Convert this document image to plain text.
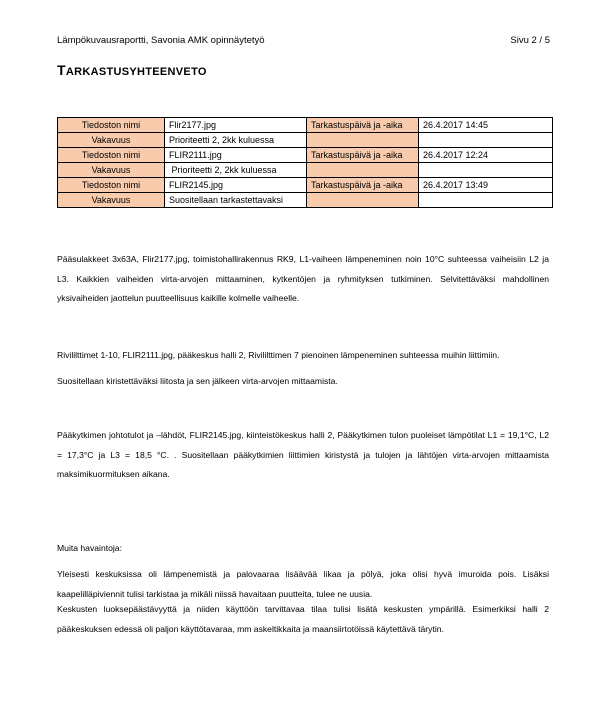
Lämpökuvausraportti, Savonia AMK opinnäytetyö	Sivu 2 / 5
TARKASTUSYHTEENVETO
Tiedoston nimi	Flir2177.jpg	Tarkastuspäivä ja -aika	26.4.2017 14:45
Vakavuus	Prioriteetti 2, 2kk kuluessa		
Tiedoston nimi	FLIR2111.jpg	Tarkastuspäivä ja -aika	26.4.2017 12:24
Vakavuus	Prioriteetti 2, 2kk kuluessa		
Tiedoston nimi	FLIR2145.jpg	Tarkastuspäivä ja -aika	26.4.2017 13:49
Vakavuus	Suositellaan tarkastettavaksi		
Pääsulakkeet 3x63A, Flir2177.jpg, toimistohallirakennus RK9, L1-vaiheen lämpeneminen noin 10°C suhteessa vaiheisiin L2 ja L3. Kaikkien vaiheiden virta-arvojen mittaaminen, kytkentöjen ja ryhmityksen tutkiminen. Selvitettäväksi mahdollinen yksivaiheiden jaottelun puutteellisuus kaikille kolmelle vaiheelle.
Rivililttimet 1-10, FLIR2111.jpg, pääkeskus halli 2, Rivililttimen 7 pienoinen lämpeneminen suhteessa muihin liittimiin.
Suositellaan kiristettäväksi liitosta ja sen jälkeen virta-arvojen mittaamista.
Pääkytkimen johtotulot ja –lähdöt, FLIR2145.jpg, kiinteistökeskus halli 2, Pääkytkimen tulon puoleiset lämpötilat L1 = 19,1°C, L2 = 17,3°C ja L3 = 18,5 °C. . Suositellaan pääkytkimien liittimien kiristystä ja tulojen ja lähtöjen virta-arvojen mittaamista maksimikuormituksen aikana.
Muita havaintoja:
Yleisesti keskuksissa oli lämpenemistä ja palovaaraa lisäävää likaa ja pölyä, joka olisi hyvä imuroida pois. Lisäksi kaapelilläpiviennit tulisi tarkistaa ja mikäli niissä havaitaan puutteita, tulee ne uusia.
Keskusten luoksepäästävyyttä ja niiden käyttöön tarvittavaa tilaa tulisi lisätä keskusten ympärillä. Esimerkiksi halli 2 pääkeskuksen edessä oli paljon käyttötavaraa, mm askeltikkaita ja maansiirtotöissä käytettävä tärytin.
